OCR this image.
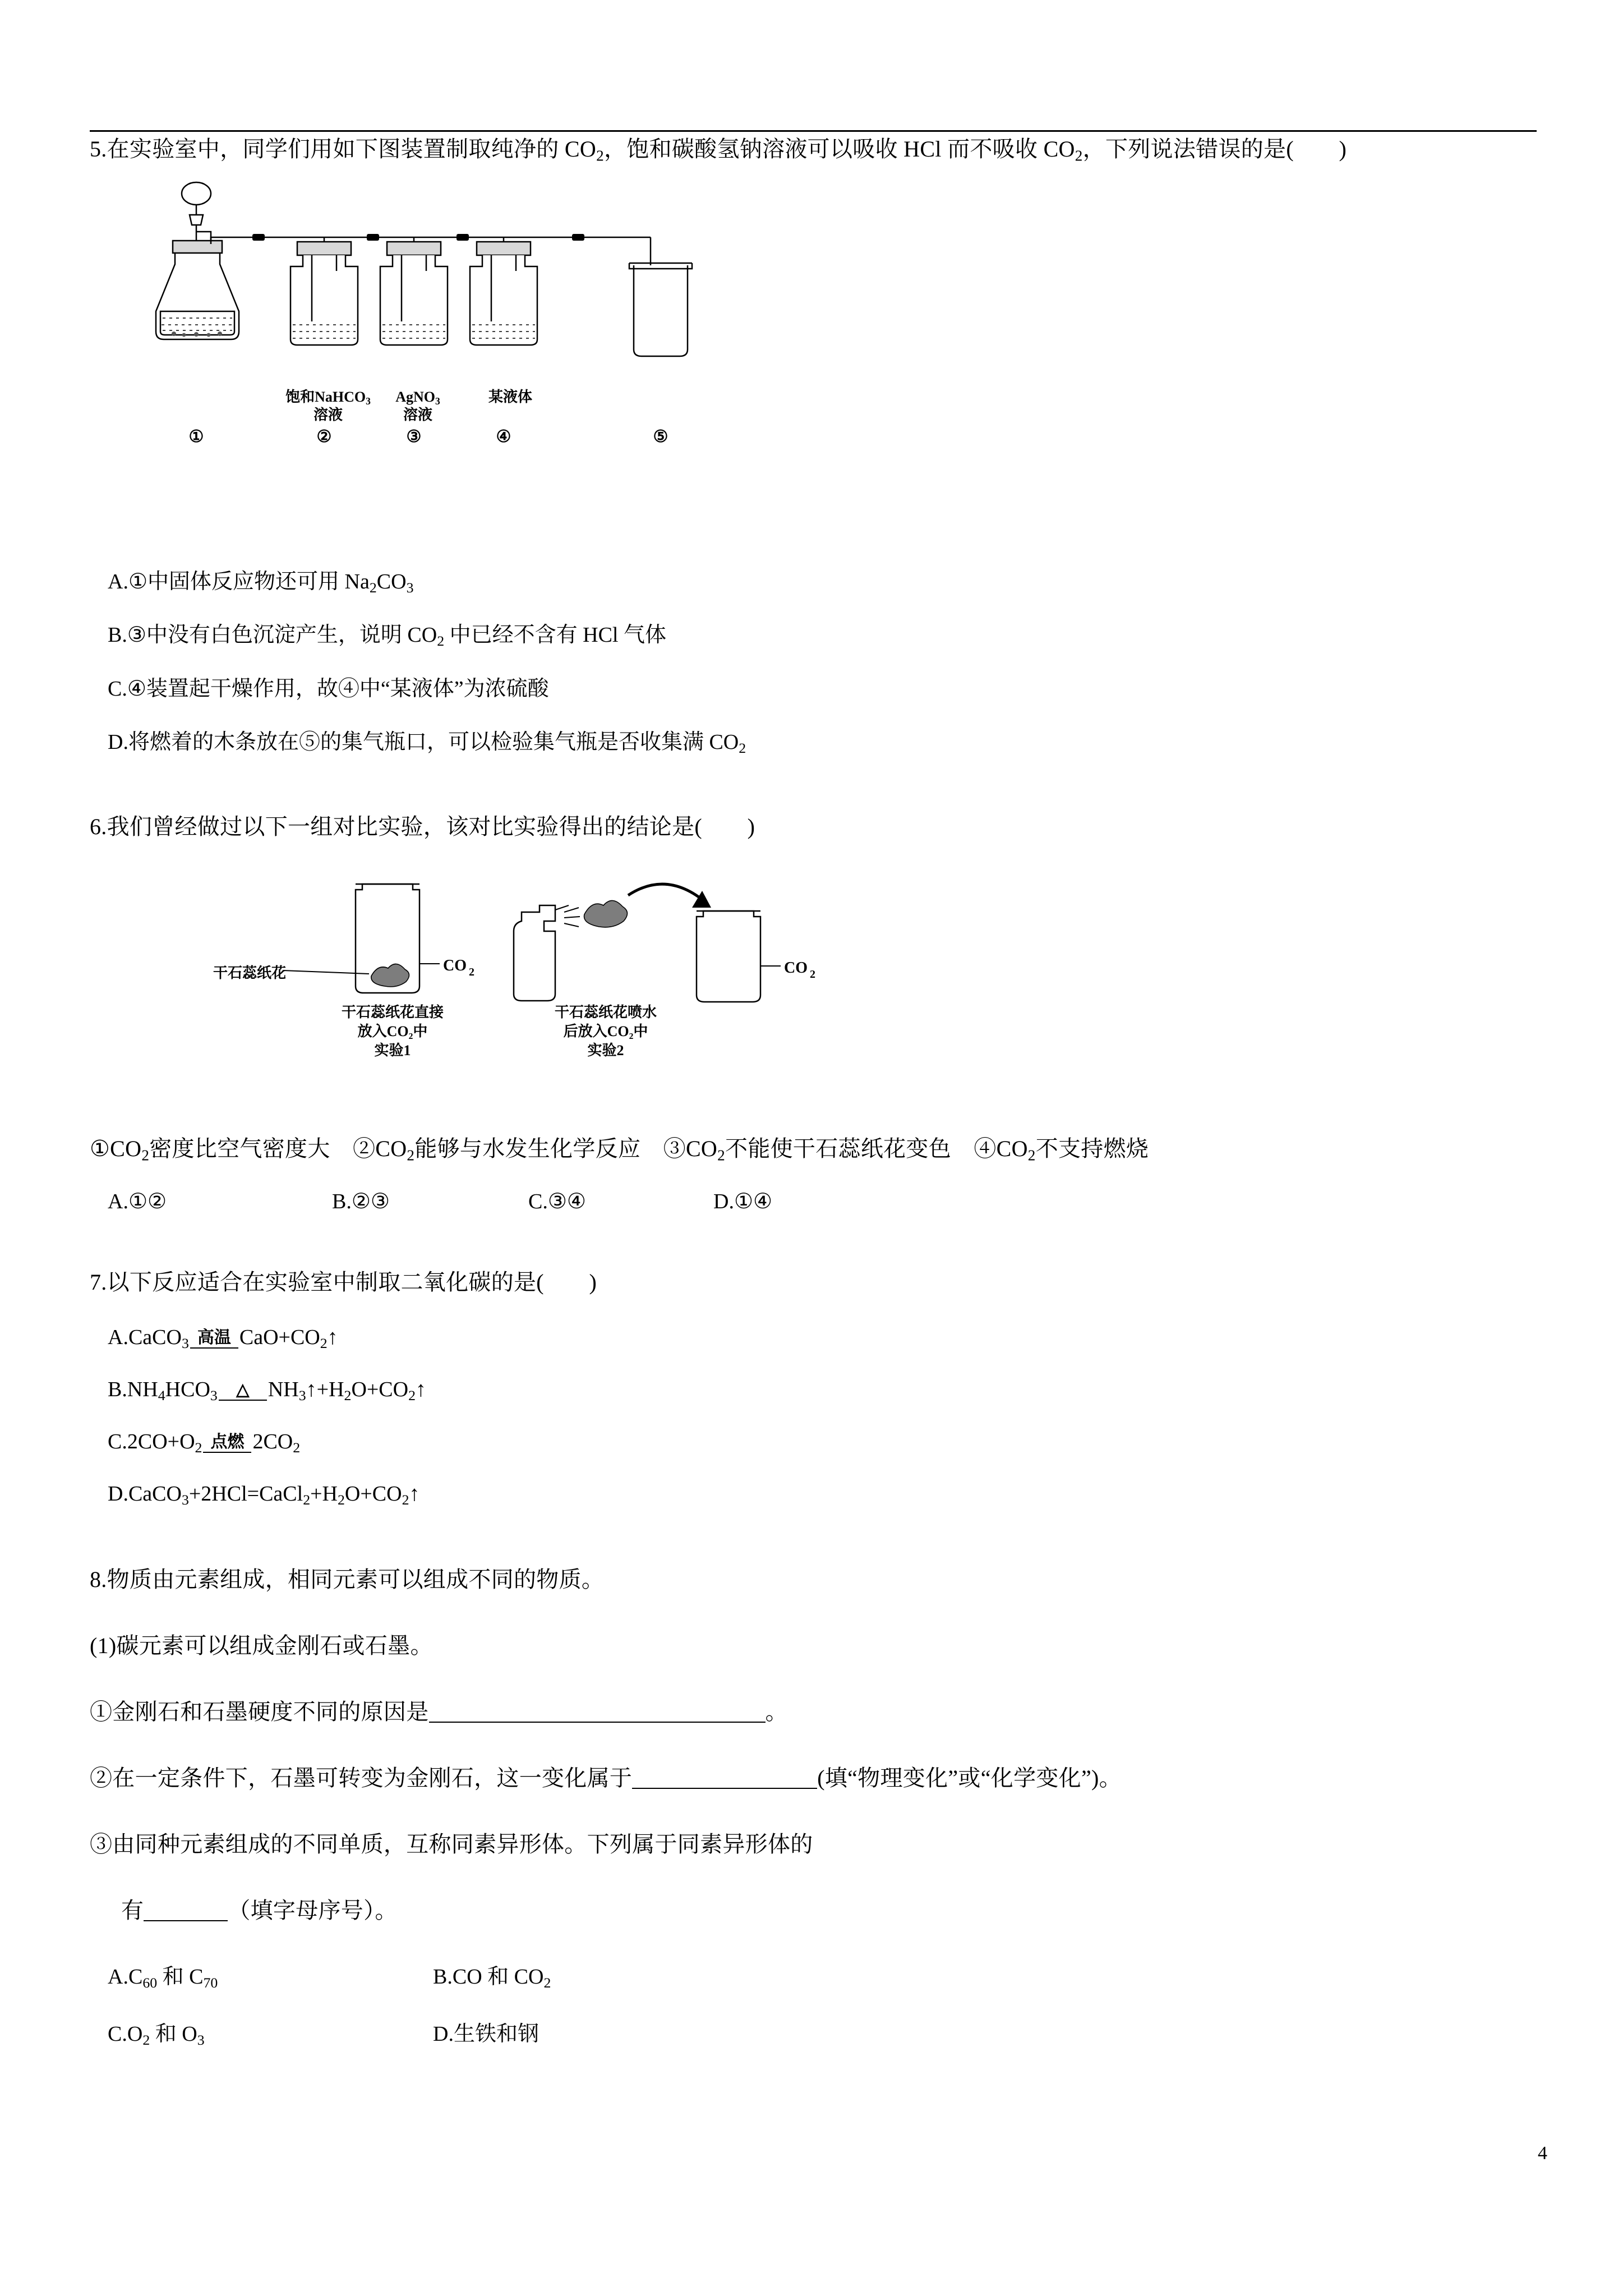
4

5.在实验室中，同学们用如下图装置制取纯净的 $CO_2$，饱和碳酸氢钠溶液可以吸收 HCl 而不吸收 $CO_2$，下列说法错误的是(　　)

饱和NaHCO$_3$
溶液
AgNO$_3$
溶液
某液体
①	②	③	④	⑤
A.①中固体反应物还可用 $Na_2CO_3$
B.③中没有白色沉淀产生，说明 $CO_2$ 中已经不含有 HCl 气体
C.④装置起干燥作用，故④中“某液体”为浓硫酸
D.将燃着的木条放在⑤的集气瓶口，可以检验集气瓶是否收集满 $CO_2$

6.我们曾经做过以下一组对比实验，该对比实验得出的结论是(　　)

CO 2	CO 2
干石蕊纸花
干石蕊纸花直接
放入CO₂中
实验1
干石蕊纸花喷水
后放入CO₂中
实验2
$①CO_2$密度比空气密度大　 $②CO_2$能够与水发生化学反应　 $③CO_2$不能使干石蕊纸花变色　 $④CO_2$不支持燃烧
A.①②	B.②③	C.③④	D.①④

7.以下反应适合在实验室中制取二氧化碳的是(　　)

A.CaCO$_3$ 高温 $CaO+CO_2↑$
$B.NH_4HCO_3$	△ $NH_3↑+H_2O+CO_2↑$
$C.2CO+O_2$ 点燃 $2CO_2$
$D.CaCO_3+2HCl=CaCl_2+H_2O+CO_2↑$

8.物质由元素组成，相同元素可以组成不同的物质。

(1)碳元素可以组成金刚石或石墨。

①金刚石和石墨硬度不同的原因是	。

②在一定条件下，石墨可转变为金刚石，这一变化属于	(填“物理变化”或“化学变化”)。

③由同种元素组成的不同单质，互称同素异形体。下列属于同素异形体的

有	（填字母序号）。

$A.C_{60}$ 和 $C_{70}$	B.CO 和 $CO_2$
$C.O_2$ 和 $O_3$	D.生铁和钢
